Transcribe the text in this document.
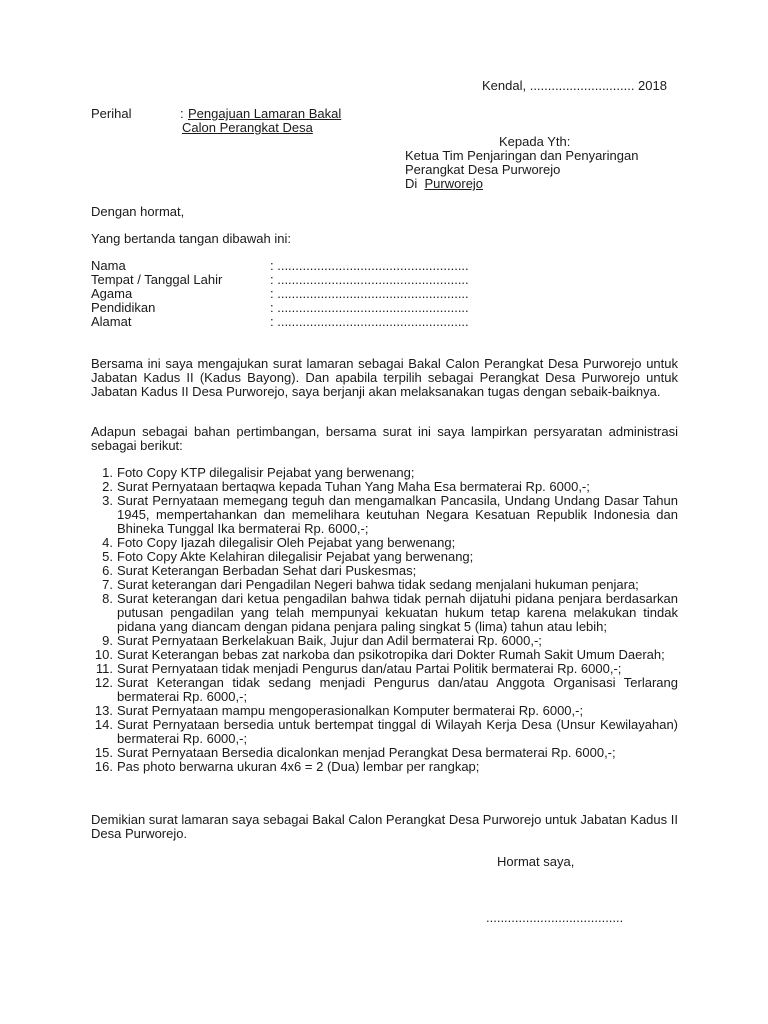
Kendal, ............................. 2018
Perihal	: Pengajuan Lamaran Bakal
Calon Perangkat Desa
Kepada Yth:
Ketua Tim Penjaringan dan Penyaringan
Perangkat Desa Purworejo
Di Purworejo
Dengan hormat,
Yang bertanda tangan dibawah ini:
Nama	: .....................................................
Tempat / Tanggal Lahir	: .....................................................
Agama	: .....................................................
Pendidikan	: .....................................................
Alamat	: .....................................................
Bersama ini saya mengajukan surat lamaran sebagai Bakal Calon Perangkat Desa Purworejo untuk Jabatan Kadus II (Kadus Bayong). Dan apabila terpilih sebagai Perangkat Desa Purworejo untuk Jabatan Kadus II Desa Purworejo, saya berjanji akan melaksanakan tugas dengan sebaik-baiknya.
Adapun sebagai bahan pertimbangan, bersama surat ini saya lampirkan persyaratan administrasi sebagai berikut:
1. Foto Copy KTP dilegalisir Pejabat yang berwenang;
2. Surat Pernyataan bertaqwa kepada Tuhan Yang Maha Esa bermaterai Rp. 6000,-;
3. Surat Pernyataan memegang teguh dan mengamalkan Pancasila, Undang Undang Dasar Tahun 1945, mempertahankan dan memelihara keutuhan Negara Kesatuan Republik Indonesia dan Bhineka Tunggal Ika bermaterai Rp. 6000,-;
4. Foto Copy Ijazah dilegalisir Oleh Pejabat yang berwenang;
5. Foto Copy Akte Kelahiran dilegalisir Pejabat yang berwenang;
6. Surat Keterangan Berbadan Sehat dari Puskesmas;
7. Surat keterangan dari Pengadilan Negeri bahwa tidak sedang menjalani hukuman penjara;
8. Surat keterangan dari ketua pengadilan bahwa tidak pernah dijatuhi pidana penjara berdasarkan putusan pengadilan yang telah mempunyai kekuatan hukum tetap karena melakukan tindak pidana yang diancam dengan pidana penjara paling singkat 5 (lima) tahun atau lebih;
9. Surat Pernyataan Berkelakuan Baik, Jujur dan Adil bermaterai Rp. 6000,-;
10. Surat Keterangan bebas zat narkoba dan psikotropika dari Dokter Rumah Sakit Umum Daerah;
11. Surat Pernyataan tidak menjadi Pengurus dan/atau Partai Politik bermaterai Rp. 6000,-;
12. Surat Keterangan tidak sedang menjadi Pengurus dan/atau Anggota Organisasi Terlarang bermaterai Rp. 6000,-;
13. Surat Pernyataan mampu mengoperasionalkan Komputer bermaterai Rp. 6000,-;
14. Surat Pernyataan bersedia untuk bertempat tinggal di Wilayah Kerja Desa (Unsur Kewilayahan) bermaterai Rp. 6000,-;
15. Surat Pernyataan Bersedia dicalonkan menjad Perangkat Desa bermaterai Rp. 6000,-;
16. Pas photo berwarna ukuran 4x6 = 2 (Dua) lembar per rangkap;
Demikian surat lamaran saya sebagai Bakal Calon Perangkat Desa Purworejo untuk Jabatan Kadus II Desa Purworejo.
Hormat saya,
......................................
